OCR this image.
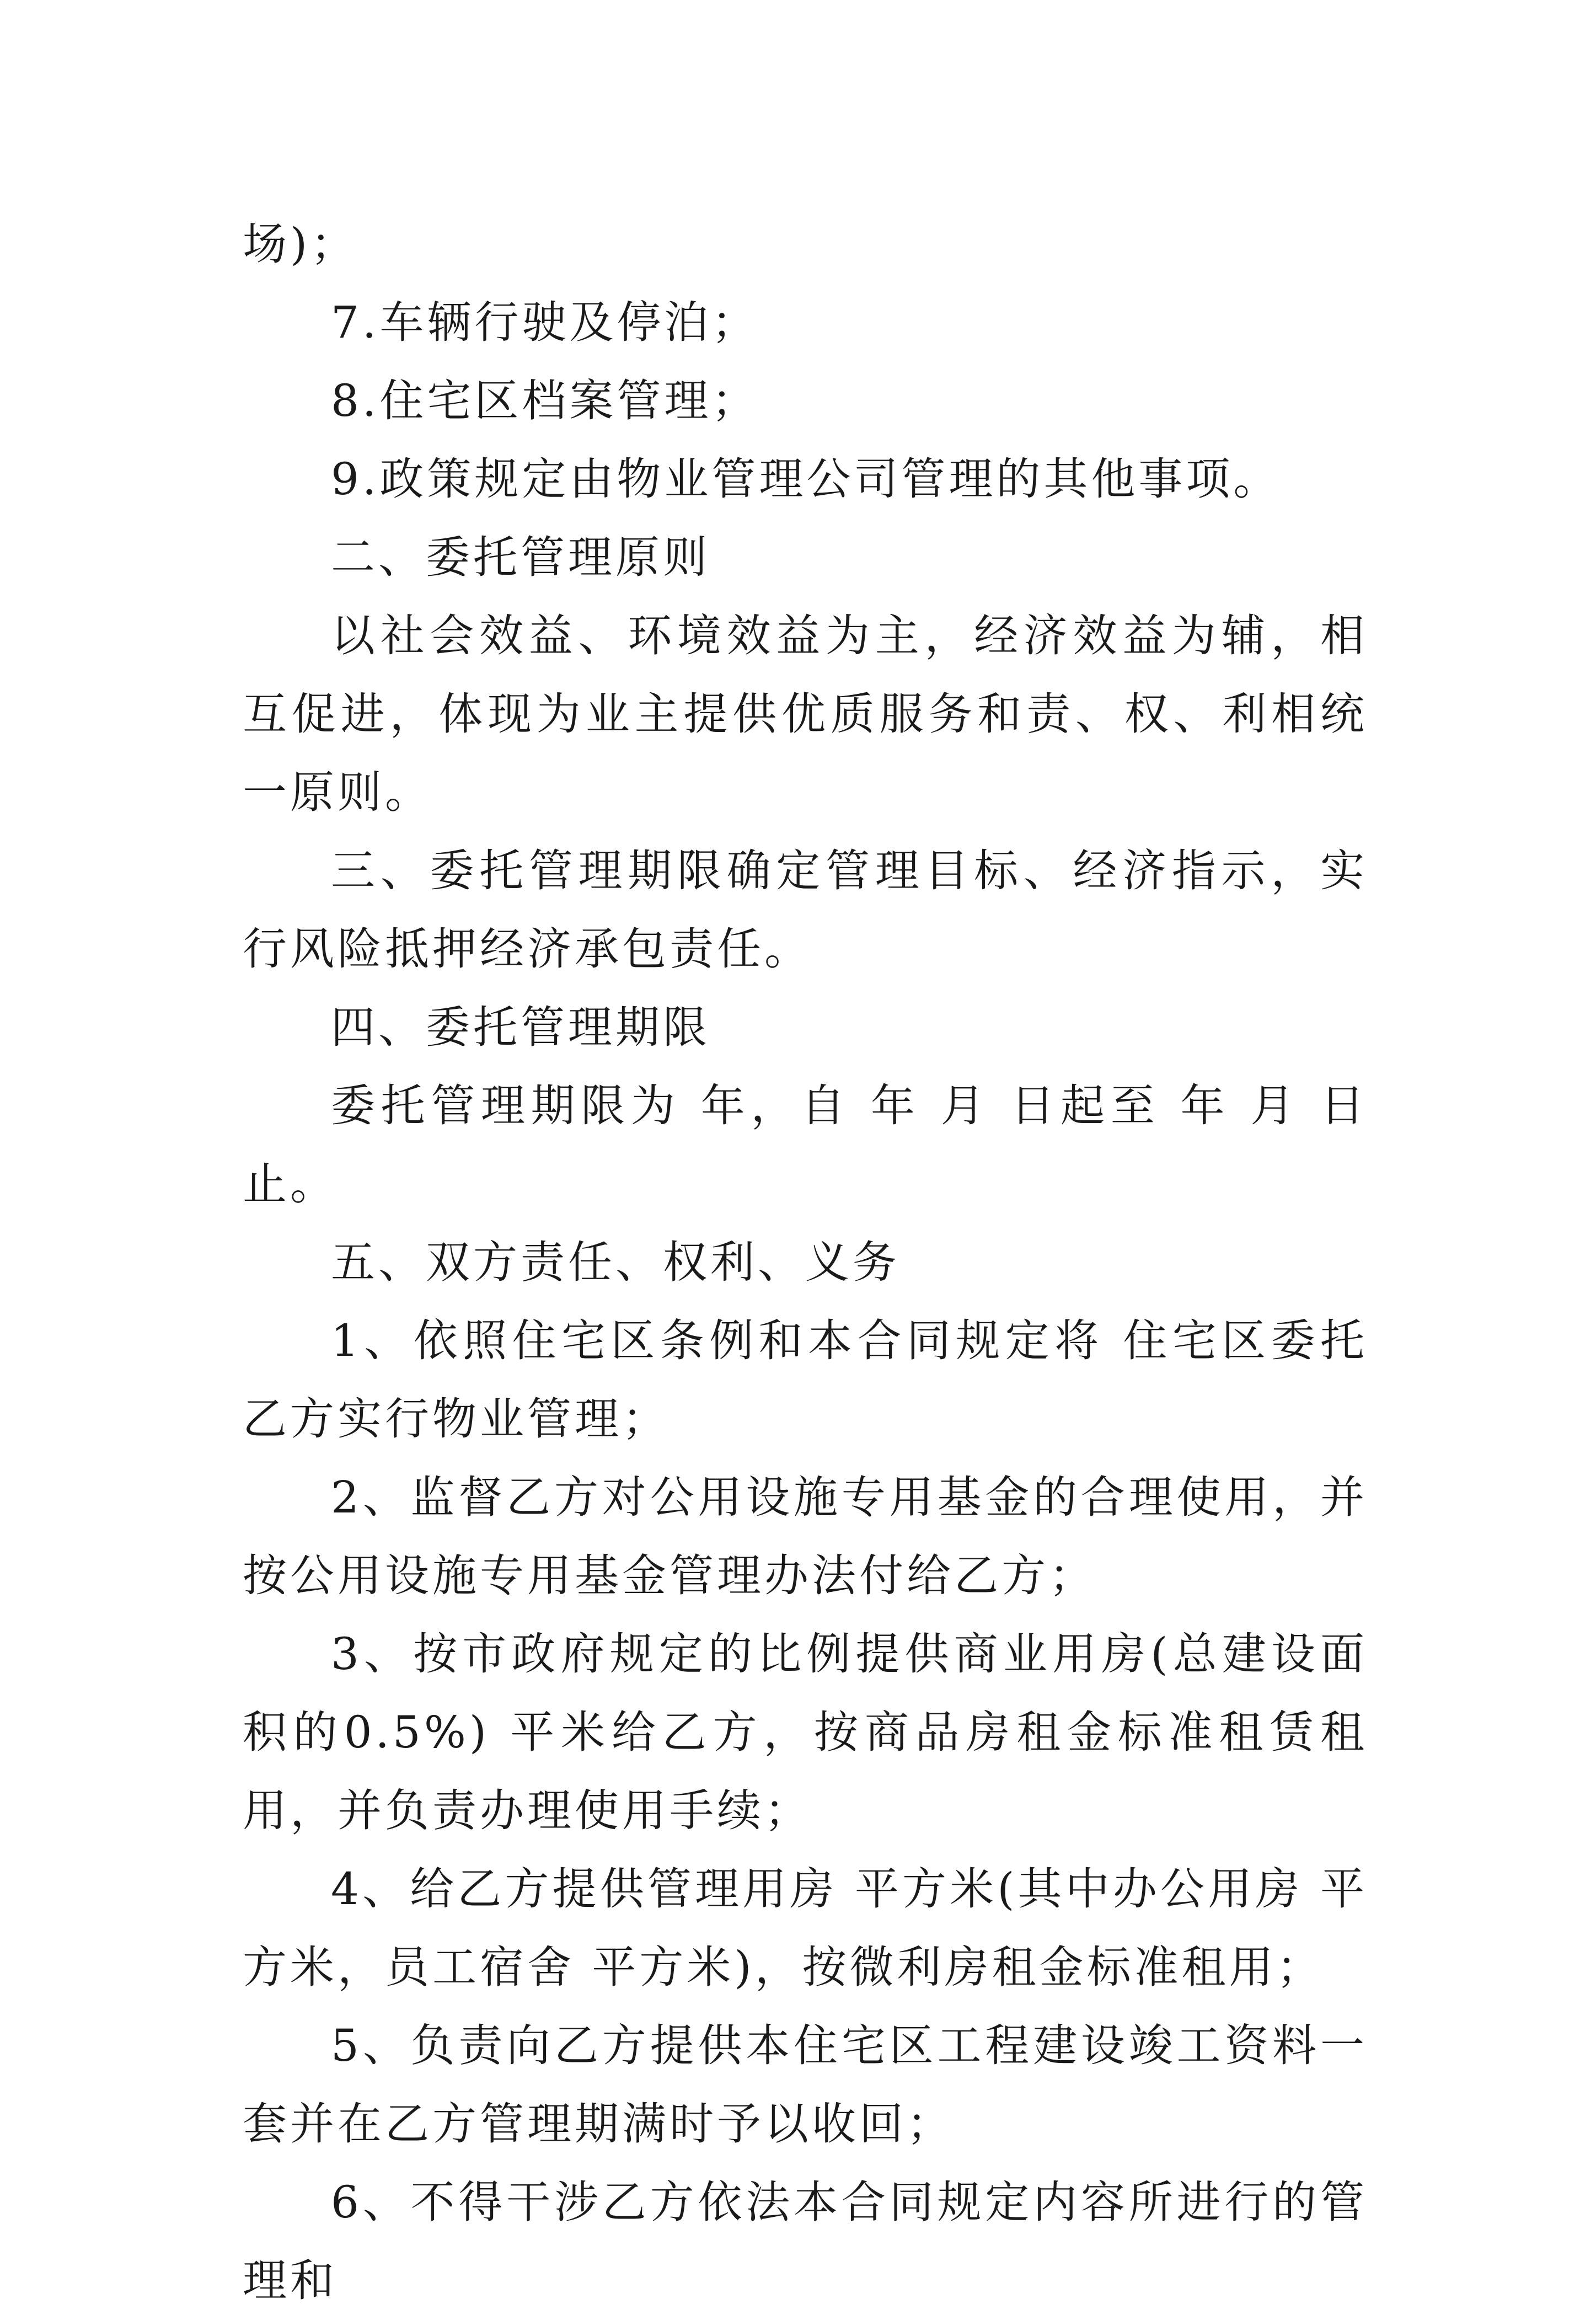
场)；

7.车辆行驶及停泊；

8.住宅区档案管理；

9.政策规定由物业管理公司管理的其他事项。

二、委托管理原则

以社会效益、环境效益为主，经济效益为辅，相互促进，体现为业主提供优质服务和责、权、利相统一原则。

三、委托管理期限确定管理目标、经济指示，实行风险抵押经济承包责任。

四、委托管理期限

委托管理期限为 年，自 年 月 日起至 年 月 日止。

五、双方责任、权利、义务

1、依照住宅区条例和本合同规定将 住宅区委托乙方实行物业管理；

2、监督乙方对公用设施专用基金的合理使用，并按公用设施专用基金管理办法付给乙方；

3、按市政府规定的比例提供商业用房(总建设面积的0.5%) 平米给乙方，按商品房租金标准租赁租用，并负责办理使用手续；

4、给乙方提供管理用房 平方米(其中办公用房 平方米，员工宿舍 平方米)，按微利房租金标准租用；

5、负责向乙方提供本住宅区工程建设竣工资料一套并在乙方管理期满时予以收回；

6、不得干涉乙方依法本合同规定内容所进行的管理和
